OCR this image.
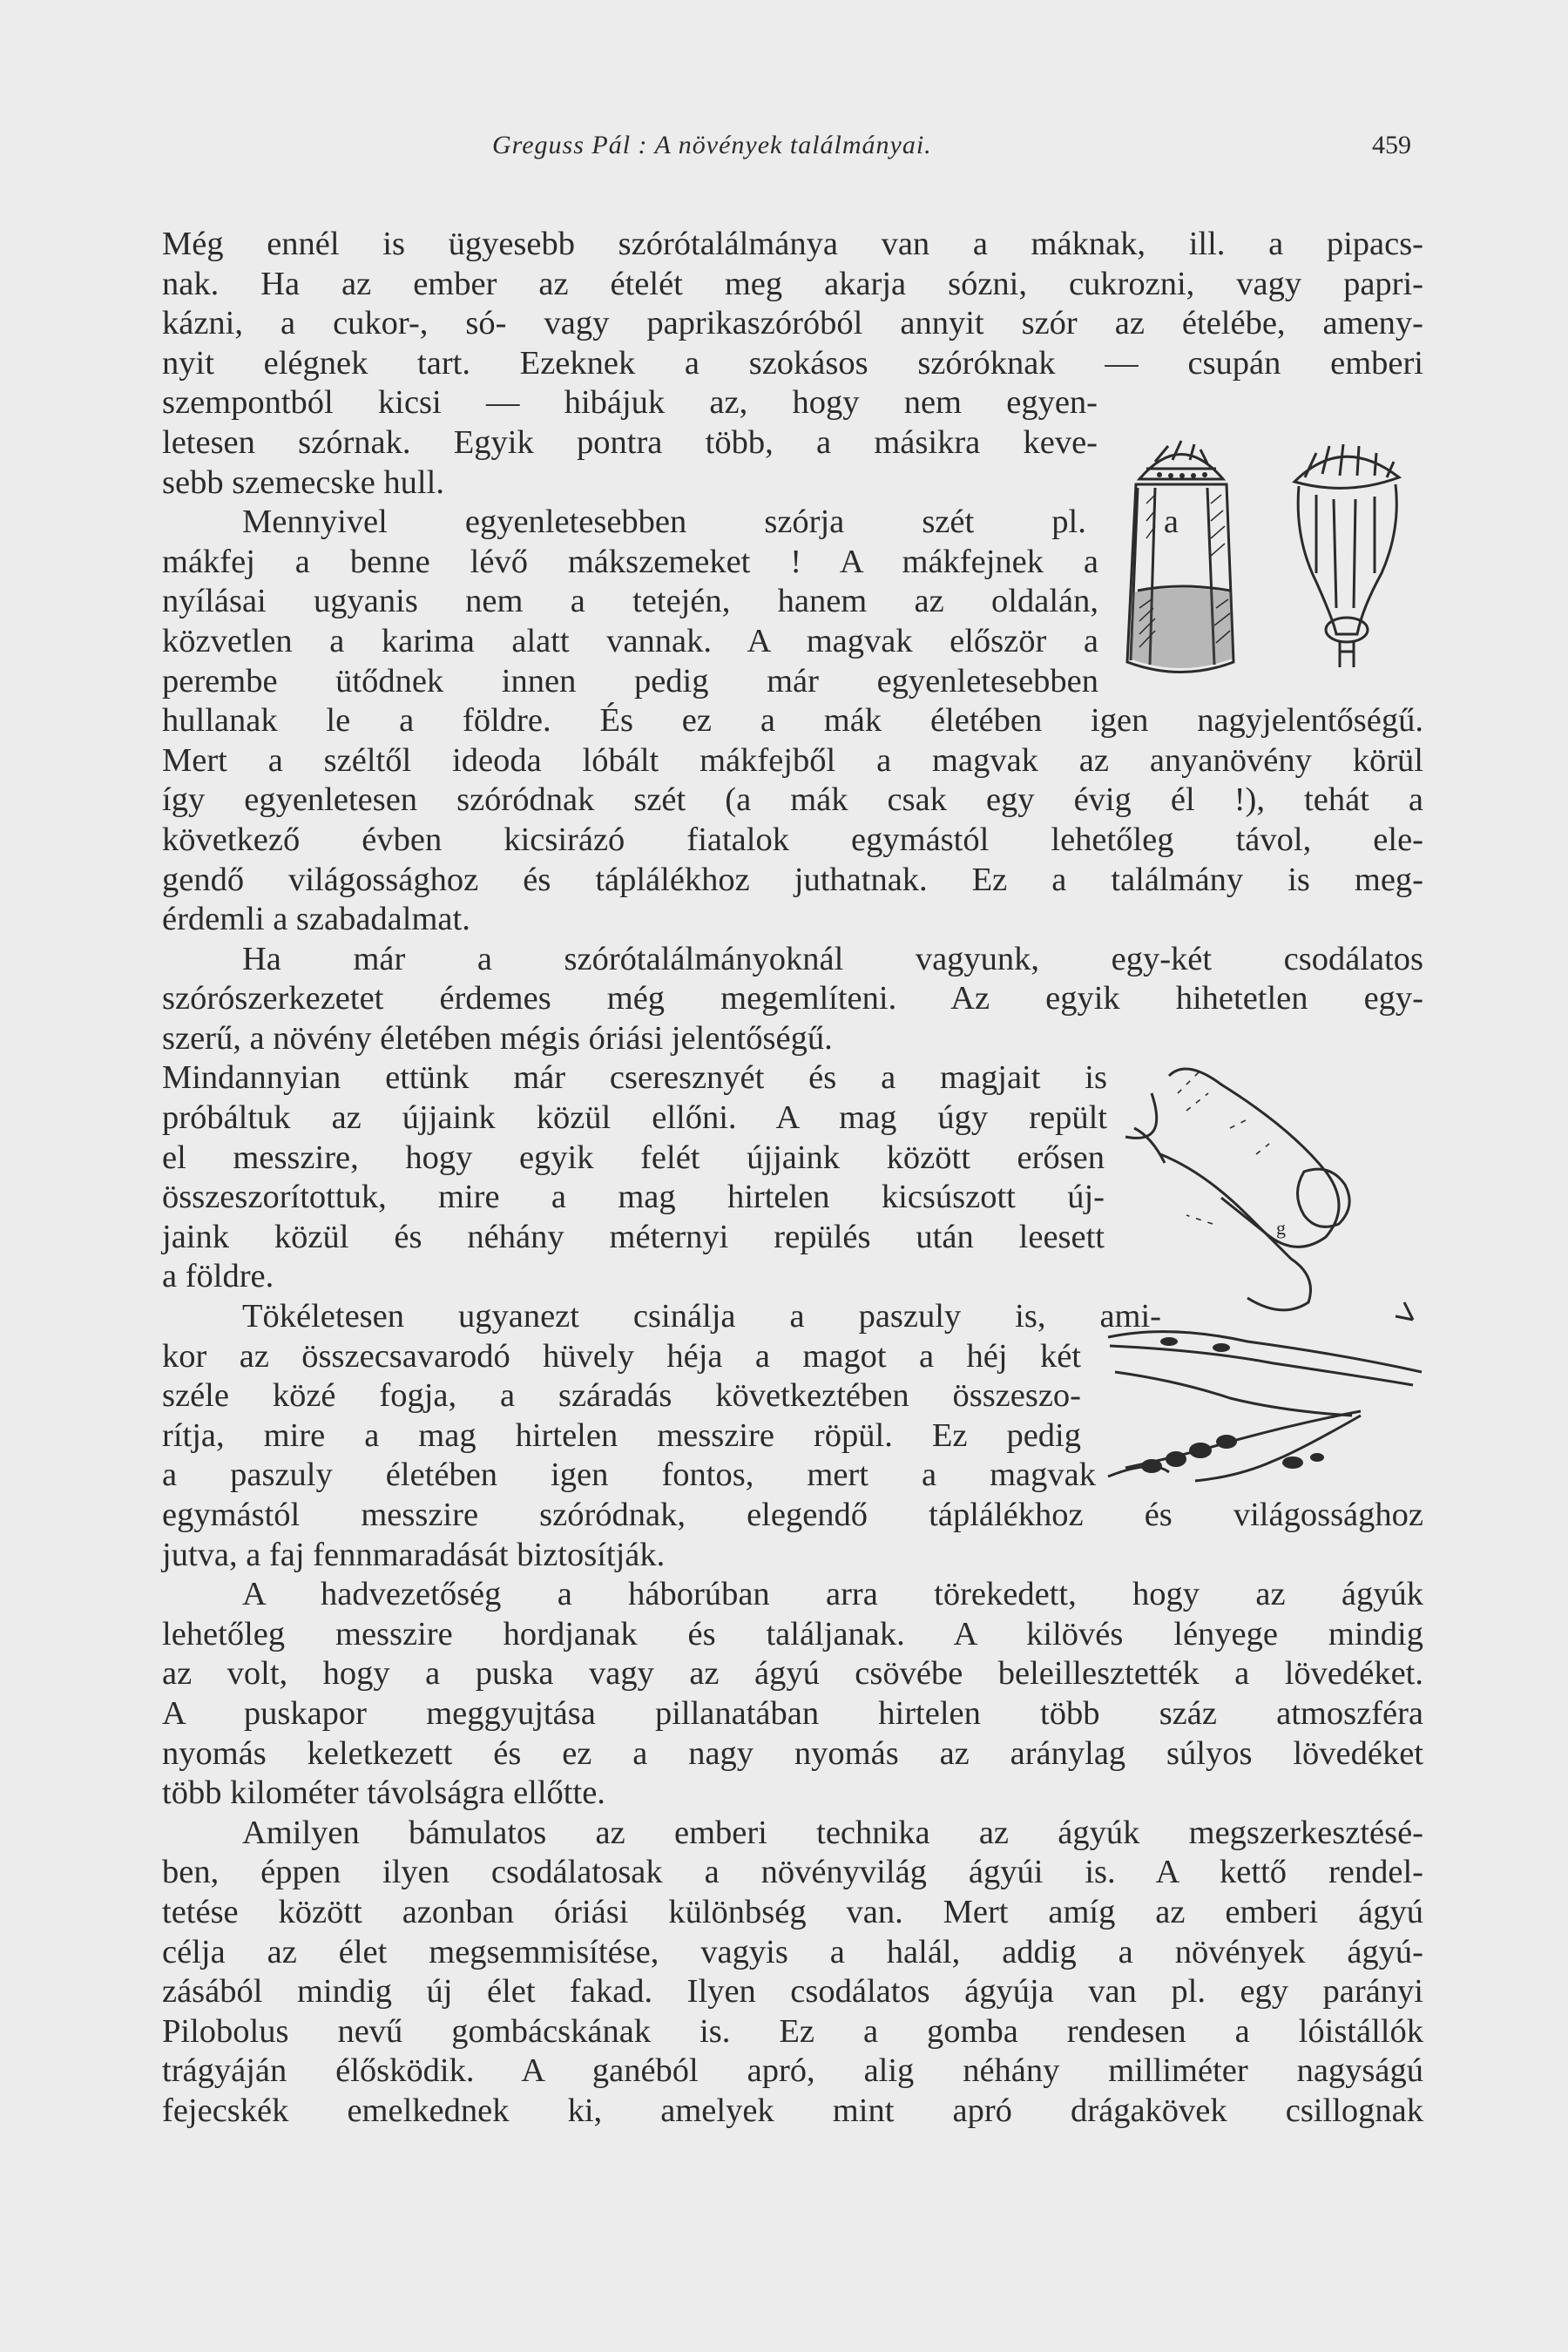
Greguss Pál : A növények találmányai.	459
Még ennél is ügyesebb szórótalálmánya van a máknak, ill. a pipacs-
nak. Ha az ember az ételét meg akarja sózni, cukrozni, vagy papri-
kázni, a cukor-, só- vagy paprikaszóróból annyit szór az ételébe, ameny-
nyit elégnek tart. Ezeknek a szokásos szóróknak — csupán emberi
szempontból kicsi — hibájuk az, hogy nem egyen-
letesen szórnak. Egyik pontra több, a másikra keve-
sebb szemecske hull.
Mennyivel egyenletesebben szórja szét pl. a
mákfej a benne lévő mákszemeket ! A mákfejnek a
nyílásai ugyanis nem a tetején, hanem az oldalán,
közvetlen a karima alatt vannak. A magvak először a
perembe ütődnek innen pedig már egyenletesebben
hullanak le a földre. És ez a mák életében igen nagyjelentőségű.
Mert a széltől ideoda lóbált mákfejből a magvak az anyanövény körül
így egyenletesen szóródnak szét (a mák csak egy évig él !), tehát a
következő évben kicsirázó fiatalok egymástól lehetőleg távol, ele-
gendő világossághoz és táplálékhoz juthatnak. Ez a találmány is meg-
érdemli a szabadalmat.
Ha már a szórótalálmányoknál vagyunk, egy-két csodálatos
szórószerkezetet érdemes még megemlíteni. Az egyik hihetetlen egy-
szerű, a növény életében mégis óriási jelentőségű.
Mindannyian ettünk már cseresznyét és a magjait is
próbáltuk az újjaink közül ellőni. A mag úgy repült
el messzire, hogy egyik felét újjaink között erősen
összeszorítottuk, mire a mag hirtelen kicsúszott új-
jaink közül és néhány méternyi repülés után leesett
a földre.
Tökéletesen ugyanezt csinálja a paszuly is, ami-
kor az összecsavarodó hüvely héja a magot a héj két
széle közé fogja, a száradás következtében összeszo-
rítja, mire a mag hirtelen messzire röpül. Ez pedig
a paszuly életében igen fontos, mert a magvak
egymástól messzire szóródnak, elegendő táplálékhoz és világossághoz
jutva, a faj fennmaradását biztosítják.
A hadvezetőség a háborúban arra törekedett, hogy az ágyúk
lehetőleg messzire hordjanak és találjanak. A kilövés lényege mindig
az volt, hogy a puska vagy az ágyú csövébe beleillesztették a lövedéket.
A puskapor meggyujtása pillanatában hirtelen több száz atmoszféra
nyomás keletkezett és ez a nagy nyomás az aránylag súlyos lövedéket
több kilométer távolságra ellőtte.
Amilyen bámulatos az emberi technika az ágyúk megszerkesztésé-
ben, éppen ilyen csodálatosak a növényvilág ágyúi is. A kettő rendel-
tetése között azonban óriási különbség van. Mert amíg az emberi ágyú
célja az élet megsemmisítése, vagyis a halál, addig a növények ágyú-
zásából mindig új élet fakad. Ilyen csodálatos ágyúja van pl. egy parányi
Pilobolus nevű gombácskának is. Ez a gomba rendesen a lóistállók
trágyáján élősködik. A ganéból apró, alig néhány milliméter nagyságú
fejecskék emelkednek ki, amelyek mint apró drágakövek csillognak
g
